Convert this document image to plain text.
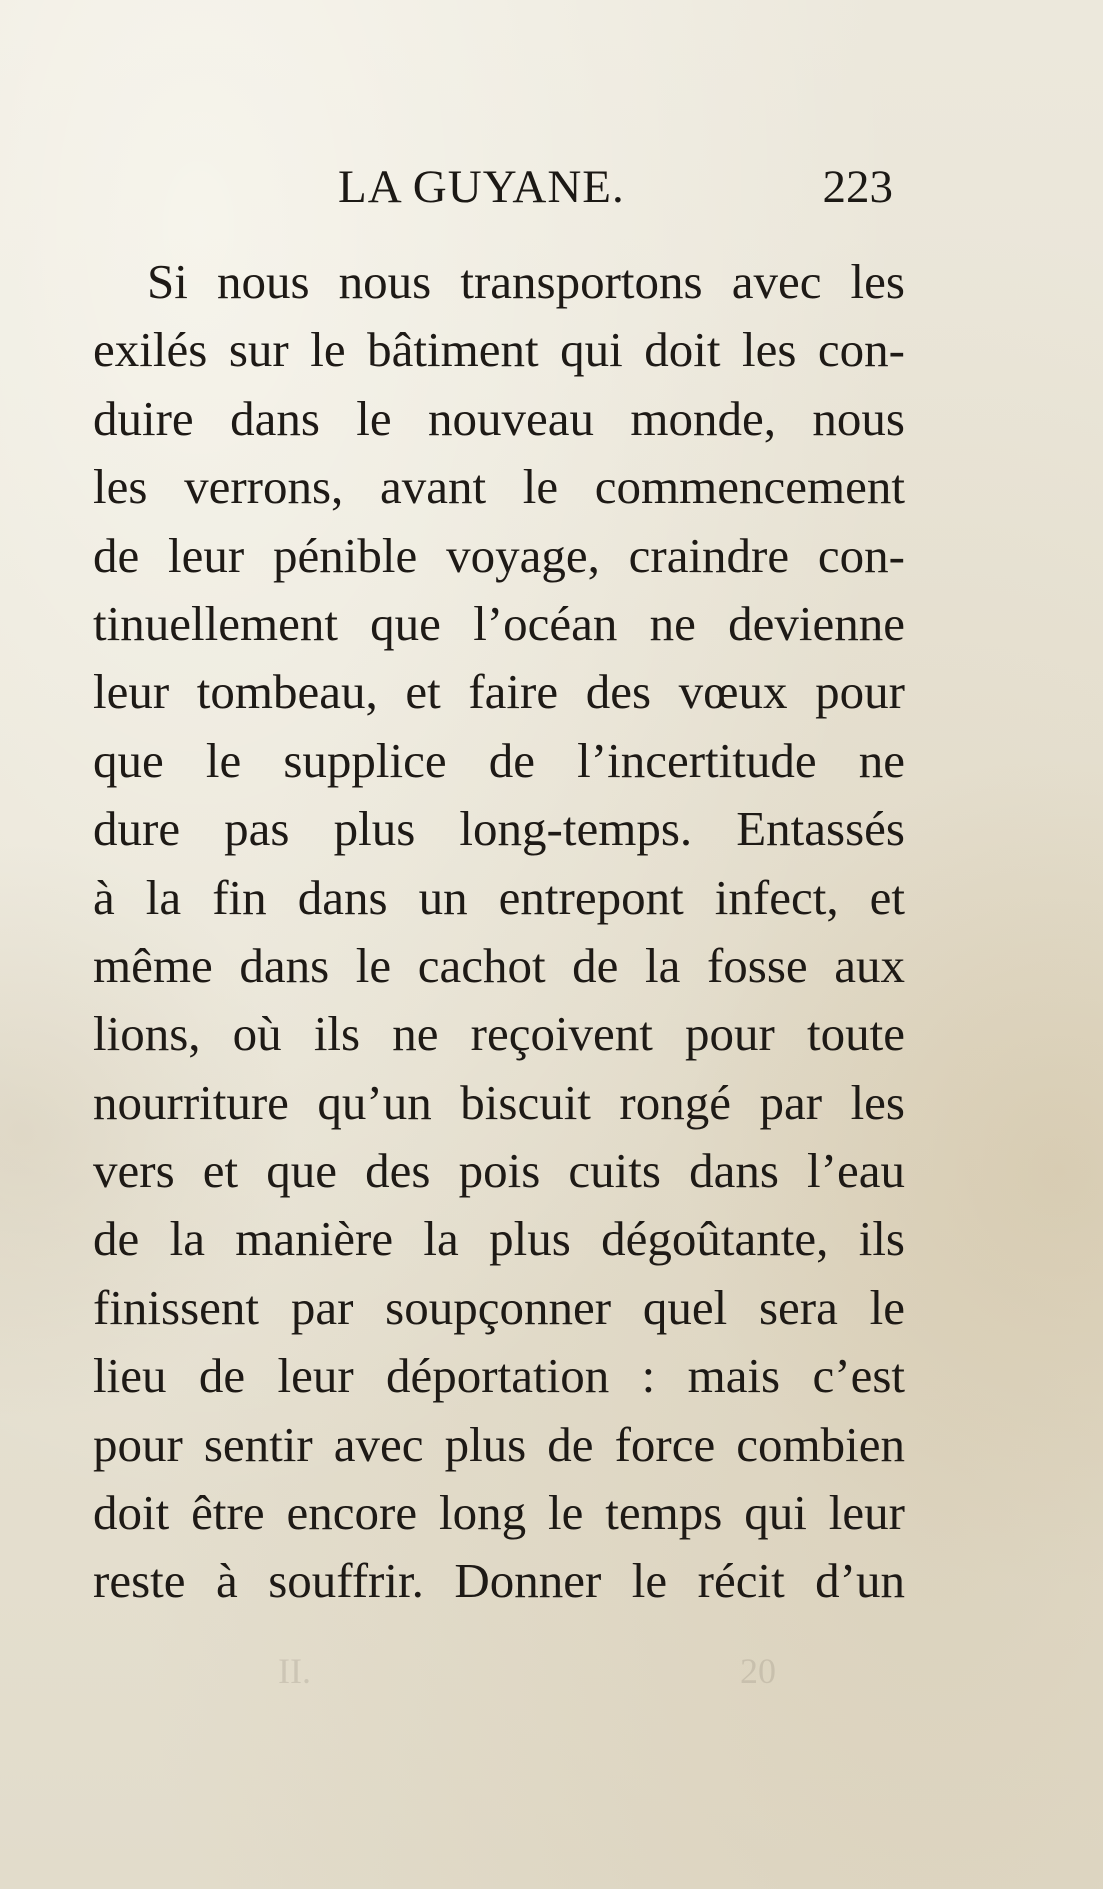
LA GUYANE.	223
Si nous nous transportons avec les
exilés sur le bâtiment qui doit les con-
duire dans le nouveau monde, nous
les verrons, avant le commencement
de leur pénible voyage, craindre con-
tinuellement que l’océan ne devienne
leur tombeau, et faire des vœux pour
que le supplice de l’incertitude ne
dure pas plus long-temps. Entassés
à la fin dans un entrepont infect, et
même dans le cachot de la fosse aux
lions, où ils ne reçoivent pour toute
nourriture qu’un biscuit rongé par les
vers et que des pois cuits dans l’eau
de la manière la plus dégoûtante, ils
finissent par soupçonner quel sera le
lieu de leur déportation : mais c’est
pour sentir avec plus de force combien
doit être encore long le temps qui leur
reste à souffrir. Donner le récit d’un
II.	20
